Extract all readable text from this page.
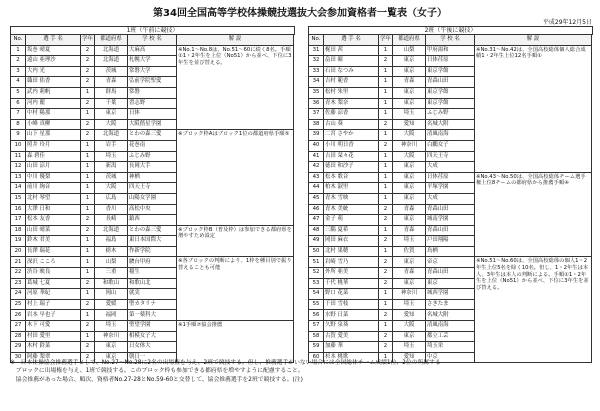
第34回全国高等学校体操競技選抜大会参加資格者一覧表（女子）
平成29年12月5日
1班（午前に競技）	2班（午後に競技）
No.	選 手 名	学年	都道府県	学 校 名	解 説
1	坂巻 晴夏	2	北海道	大麻高	※No.1〜No.8は、No.51〜60に続く8名。手順①1・2年生を上位（No51）から並べ、下位に3年生を並び替える。
2	遠山 亜理沙	2	北海道	札幌大学	
3	大内 光	2	茨城	常磐大学	
4	織田 佑香	2	青森	弘前学院聖愛	
5	武内 莉帆	1	群馬	常磐	
6	河内 麗	2	千葉	習志野	
7	中村 陽那	1	東京	日体	
8	小峰 真柳	2	大阪	大阪偕星学園	
9	山下 星那	2	北海道	とわの森三愛	※ブロック枠Aはブロック1位の都道府県手順⑤
10	照井 玲月	1	岩手	花巻南	
11	森 碧佳	1	埼玉	ふじみ野	
12	山田 涼月	1	新潟	長岡大手	
13	中川 優梨	1	茨城	神栖	
14	前川 絢音	1	大阪	四天王寺	
15	北村 琴望	1	広島	山陽女学園	
16	大澤 日和	1	香川	高松中央	
17	松本 友香	2	長崎	鎮西	
18	山田 晴菜	2	北海道	とわの森三愛	※ブロック枠B（普及枠）は参加できる都府県を増やすため設定
19	鈴木 君美	1	福島	東日本国際大	
20	長澤 瑞花	1	栃木	作新学院	
21	深沢 こころ	1	山梨	駿台甲府	※各ブロックの判断により、1枠を種目別で振り替えることも可能
22	渋谷 映良	1	三重	稲生	
23	葛城 七夏	2	和歌山	和歌山北	
24	河原 華紀	1	岡山	就実	
25	村上 瑞子	2	愛媛	聖カタリナ	
26	岩本 早也子	1	福岡	第一薬科大	
27	木下 可愛	2	埼玉	聖望学園	※1手順⑦協会推薦
28	村田 愛里	1	神奈川	相模女子大	
29	木村 鈴菜	2	東京	日女体大	
30	阿藤 梨翠	2	東京	朝日一	
No.	選 手 名	学年	都道府県	学 校 名	解 説
31	梶田 茜	1	山梨	甲府湯和	※No.31〜No.42は、全国高校総体個人総合成績1・2年生上位12名手順①
32	畠田 瞳	2	東京	日体荏原	
33	石田 なつみ	1	東京	東京学館	
34	吉村 範香	1	青森	青森山田	
35	松村 朱里	1	東京	東京学館	
36	青木 梨奈	1	東京	東京学館	
37	佐藤 涼香	1	埼玉	ふじみ野	
38	古山 葵	2	愛知	名城大附	
39	二宮 さやか	1	大阪	清風南海	
40	小川 明日香	2	神奈川	白鵬女子	
41	吉田 栞々花	1	大阪	四天王寺	
42	徳田 和沙子	1	東京	大成	
43	松本 歌音	1	東京	日体荏原	※No.43〜No.50は、全国高校総体チーム選手権上位8チームの都府県から推薦手順④
44	柏木 淑里	1	東京	平塚学園	
45	青木 雪映	1	東京	大成	
46	青木 美統	2	青森	青森山田	
47	金子 萌	2	東京	城南学園	
48	三隅 夏希	1	青森	青森山田	
49	岡田 麻衣	2	埼玉	戸田翔陽	
50	北村 果穂	1	佐賀	鳥栖	
51	岩崎 雪乃	2	東京	帝京	※No.51〜No.60は、全国高校総体の個人1・2年生上位5名を除く10名。但し、1・2年生は本人、3年生は本人の判断による。手順①1・2年生を上位（No51）から並べ、下位に3年生を並び替える。
52	外所 亜美	2	青森	青森山田	
53	千代 桃華	2	東京	東京	
54	野口 花菜	1	神奈川	城西学園	
55	千田 雪枝	1	埼玉	さきたま	
56	水野 日菜	2	愛知	名城大附	
57	久野 泉葵	1	大阪	清風南海	
58	古賀 愛美	2	東京	都立工芸	
59	加藤 華	2	埼玉	埼玉栄	
60	杉本 桃歌	1	愛知	中京	
※　日本体操協会推薦選手として、No.27〜No.28に2名の出場権を与え、2班で競技する。但し、推薦選手がいない場合には全国総体チーム成績1位、2位の所属する
　ブロックに出場権を与え、1班で競技する。このブロック枠も参加できる都府県を増やすように配慮すること。
　協会推薦があった場合、順次、資格者No.27-28とNo.59-60と交替して、協会推薦選手を2班で競技する。(注)
